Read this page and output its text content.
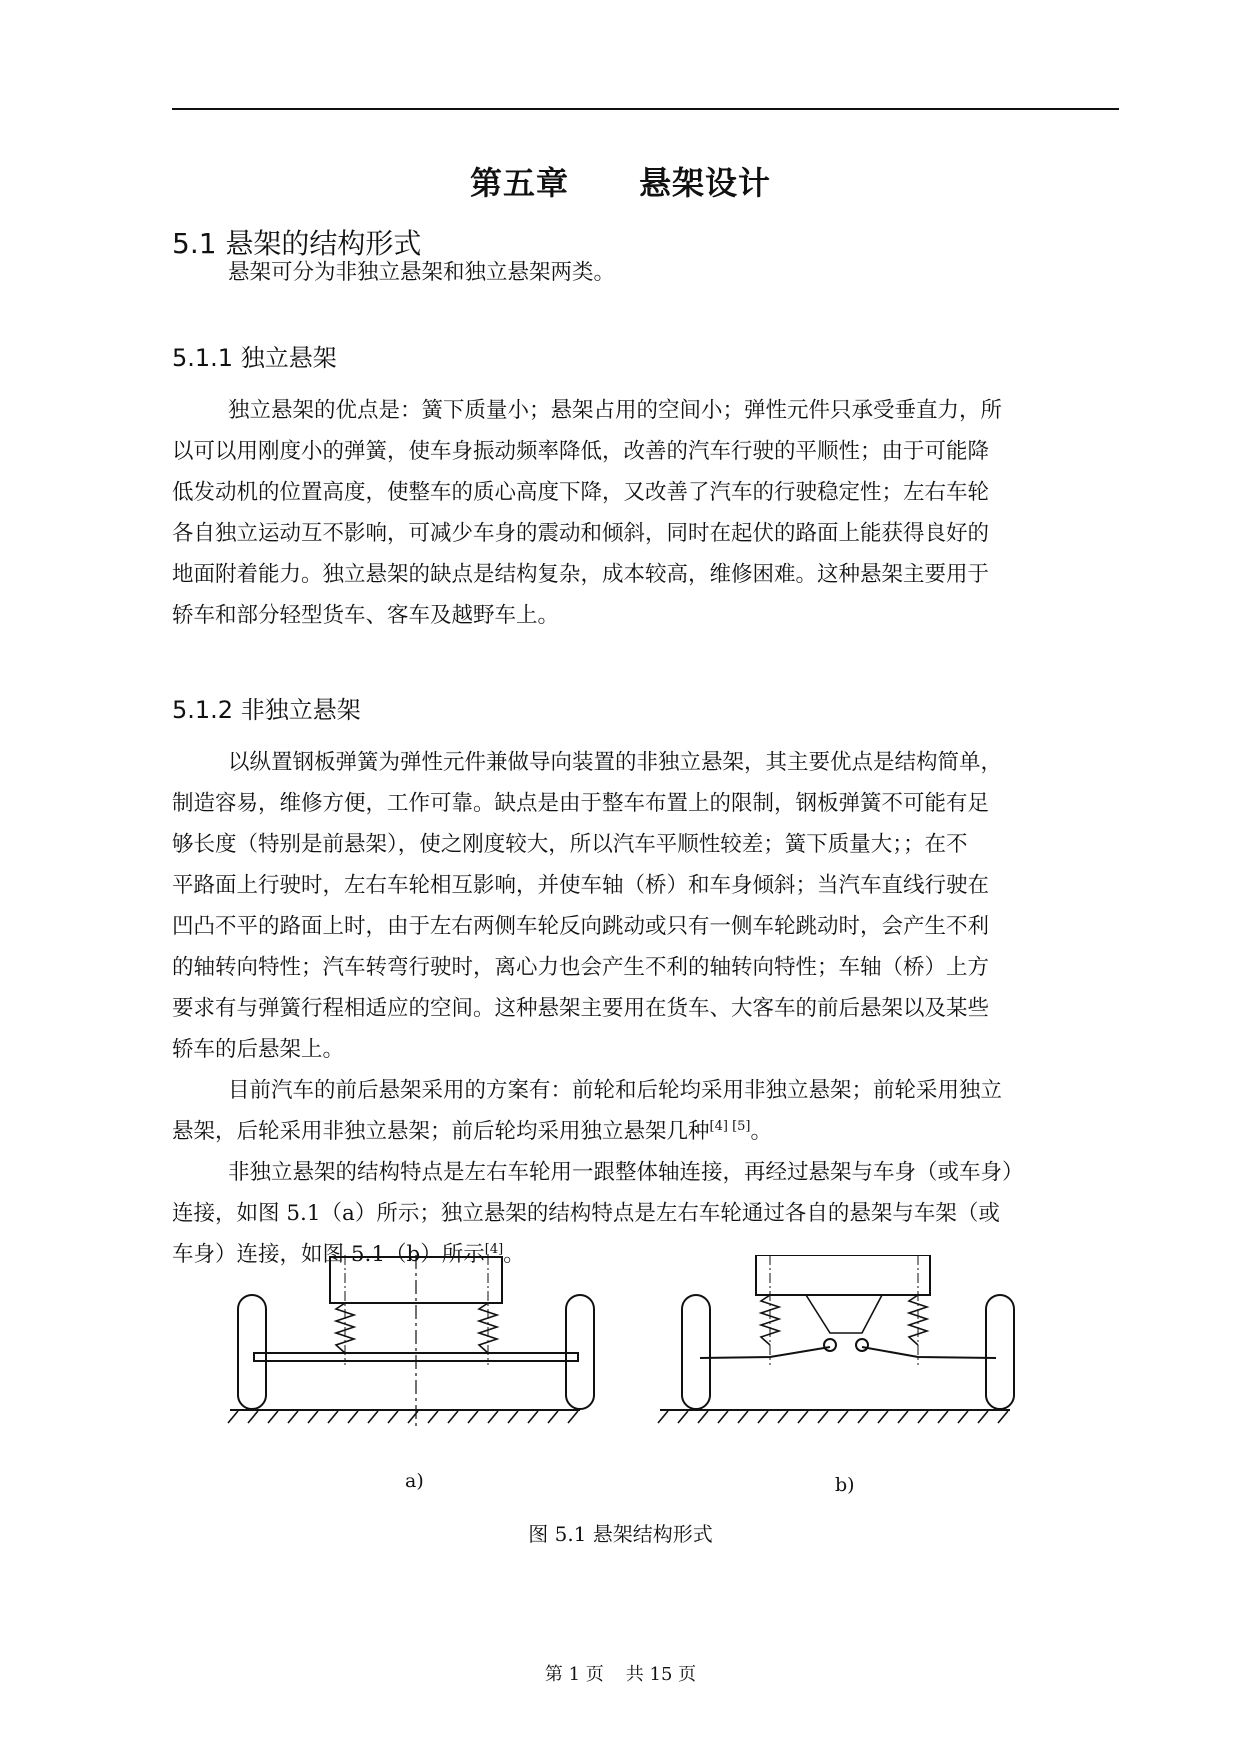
第五章 悬架设计
5.1 悬架的结构形式

悬架可分为非独立悬架和独立悬架两类。

5.1.1 独立悬架

独立悬架的优点是：簧下质量小；悬架占用的空间小；弹性元件只承受垂直力，所
以可以用刚度小的弹簧，使车身振动频率降低，改善的汽车行驶的平顺性；由于可能降
低发动机的位置高度，使整车的质心高度下降，又改善了汽车的行驶稳定性；左右车轮
各自独立运动互不影响，可减少车身的震动和倾斜，同时在起伏的路面上能获得良好的
地面附着能力。独立悬架的缺点是结构复杂，成本较高，维修困难。这种悬架主要用于
轿车和部分轻型货车、客车及越野车上。

5.1.2 非独立悬架

以纵置钢板弹簧为弹性元件兼做导向装置的非独立悬架，其主要优点是结构简单，
制造容易，维修方便，工作可靠。缺点是由于整车布置上的限制，钢板弹簧不可能有足
够长度（特别是前悬架），使之刚度较大，所以汽车平顺性较差；簧下质量大；；在不
平路面上行驶时，左右车轮相互影响，并使车轴（桥）和车身倾斜；当汽车直线行驶在
凹凸不平的路面上时，由于左右两侧车轮反向跳动或只有一侧车轮跳动时，会产生不利
的轴转向特性；汽车转弯行驶时，离心力也会产生不利的轴转向特性；车轴（桥）上方
要求有与弹簧行程相适应的空间。这种悬架主要用在货车、大客车的前后悬架以及某些
轿车的后悬架上。

目前汽车的前后悬架采用的方案有：前轮和后轮均采用非独立悬架；前轮采用独立
悬架，后轮采用非独立悬架；前后轮均采用独立悬架几种[4] [5]。

非独立悬架的结构特点是左右车轮用一跟整体轴连接，再经过悬架与车身（或车身）
连接，如图 5.1（a）所示；独立悬架的结构特点是左右车轮通过各自的悬架与车架（或
车身）连接，如图 5.1（b）所示[4]。

a)	b)
图 5.1 悬架结构形式
第 1 页 共 15 页
